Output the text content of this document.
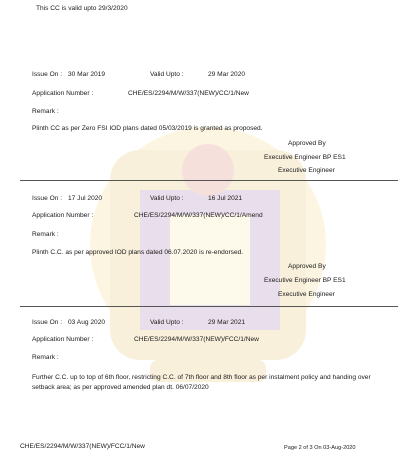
This CC is valid upto 29/3/2020
Issue On : 30 Mar 2019	Valid Upto :	29 Mar 2020
Application Number :	CHE/ES/2294/M/W/337(NEW)/CC/1/New
Remark :
Plinth CC as per Zero FSI IOD plans dated 05/03/2019 is granted as proposed.
Approved By
Executive Engineer BP ES1
Executive Engineer
Issue On : 17 Jul 2020	Valid Upto :	16 Jul 2021
Application Number :	CHE/ES/2294/M/W/337(NEW)/CC/1/Amend
Remark :
Plinth C.C. as per approved IOD plans dated 06.07.2020 is re-endorsed.
Approved By
Executive Engineer BP ES1
Executive Engineer
Issue On : 03 Aug 2020	Valid Upto :	29 Mar 2021
Application Number :	CHE/ES/2294/M/W/337(NEW)/FCC/1/New
Remark :
Further C.C. up to top of 6th floor, restricting C.C. of 7th floor and 8th floor as per instalment policy and handing over setback area; as per approved amended plan dt. 06/07/2020
CHE/ES/2294/M/W/337(NEW)/FCC/1/New	Page 2 of 3 On 03-Aug-2020
